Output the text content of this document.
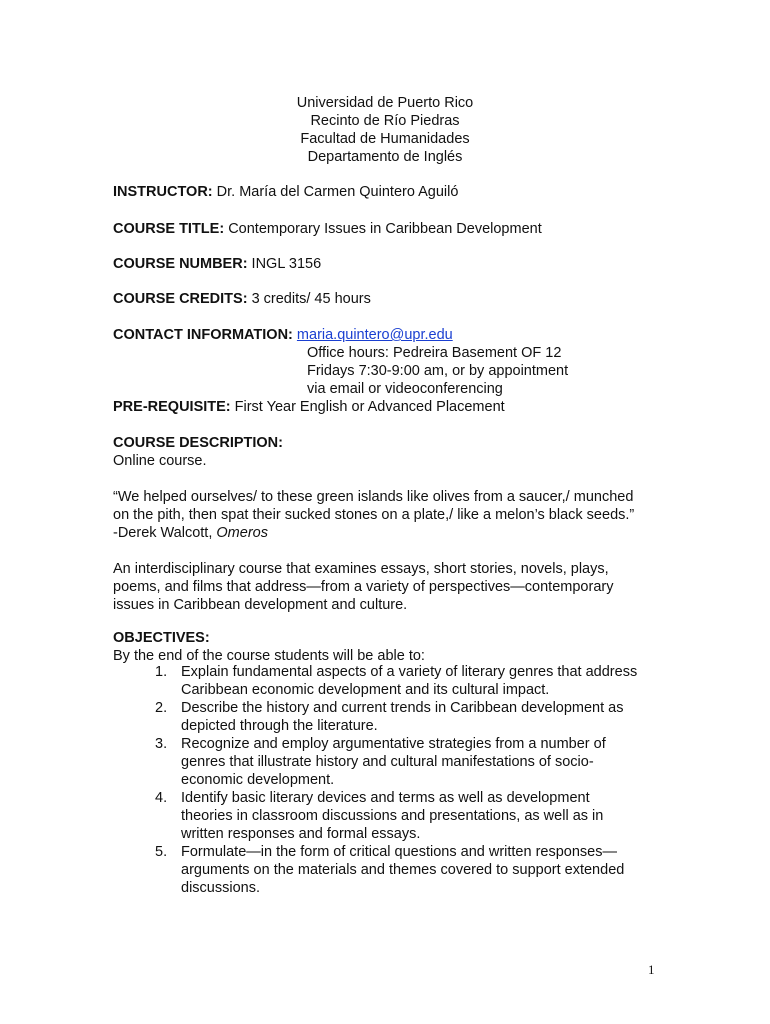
Universidad de Puerto Rico
Recinto de Río Piedras
Facultad de Humanidades
Departamento de Inglés
INSTRUCTOR: Dr. María del Carmen Quintero Aguiló
COURSE TITLE: Contemporary Issues in Caribbean Development
COURSE NUMBER: INGL 3156
COURSE CREDITS: 3 credits/ 45 hours
CONTACT INFORMATION: maria.quintero@upr.edu
Office hours: Pedreira Basement OF 12
Fridays 7:30-9:00 am, or by appointment
via email or videoconferencing
PRE-REQUISITE: First Year English or Advanced Placement
COURSE DESCRIPTION:
Online course.
“We helped ourselves/ to these green islands like olives from a saucer,/ munched
on the pith, then spat their sucked stones on a plate,/ like a melon’s black seeds.”
-Derek Walcott, Omeros
An interdisciplinary course that examines essays, short stories, novels, plays,
poems, and films that address—from a variety of perspectives—contemporary
issues in Caribbean development and culture.
OBJECTIVES:
By the end of the course students will be able to:
1. Explain fundamental aspects of a variety of literary genres that address
Caribbean economic development and its cultural impact.
2. Describe the history and current trends in Caribbean development as
depicted through the literature.
3. Recognize and employ argumentative strategies from a number of
genres that illustrate history and cultural manifestations of socio-
economic development.
4. Identify basic literary devices and terms as well as development
theories in classroom discussions and presentations, as well as in
written responses and formal essays.
5. Formulate—in the form of critical questions and written responses—
arguments on the materials and themes covered to support extended
discussions.
1
